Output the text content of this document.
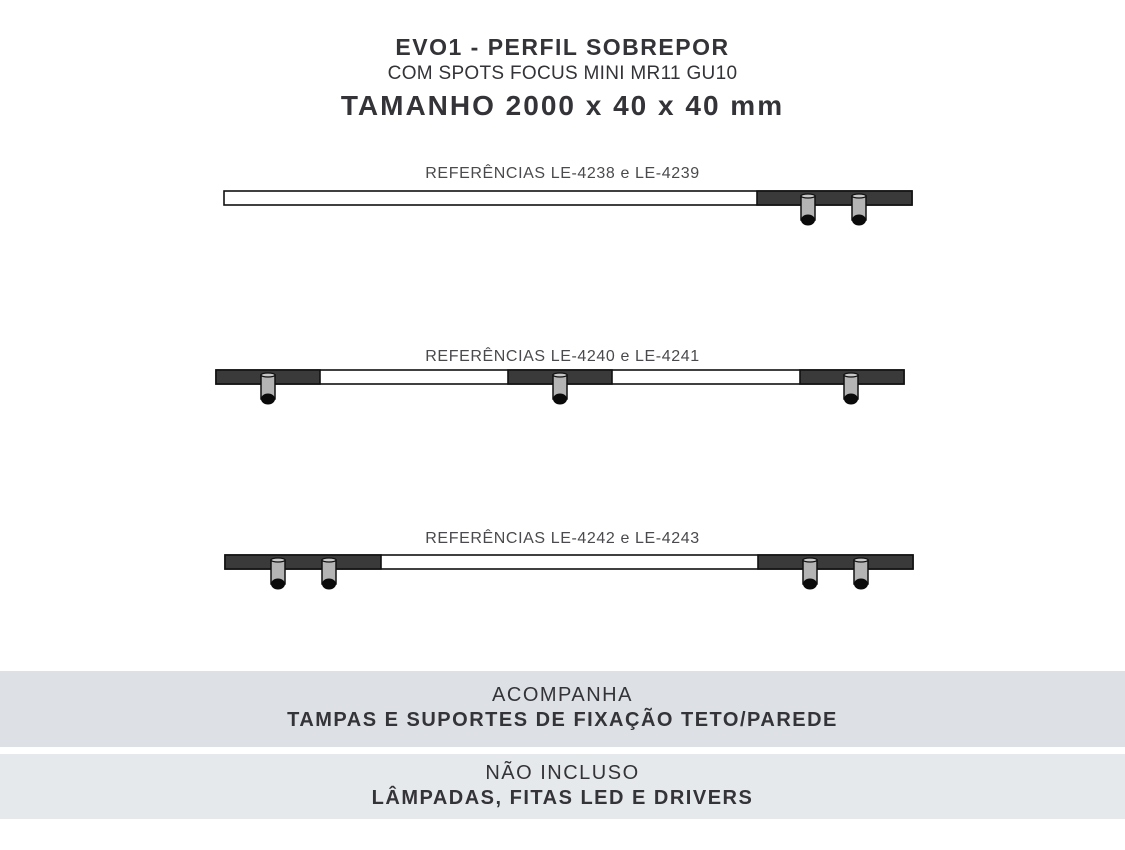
EVO1 - PERFIL SOBREPOR
COM SPOTS FOCUS MINI MR11 GU10
TAMANHO 2000 x 40 x 40 mm
REFERÊNCIAS LE-4238 e LE-4239
REFERÊNCIAS LE-4240 e LE-4241
REFERÊNCIAS LE-4242 e LE-4243
ACOMPANHA
TAMPAS E SUPORTES DE FIXAÇÃO TETO/PAREDE
NÃO INCLUSO
LÂMPADAS, FITAS LED E DRIVERS
